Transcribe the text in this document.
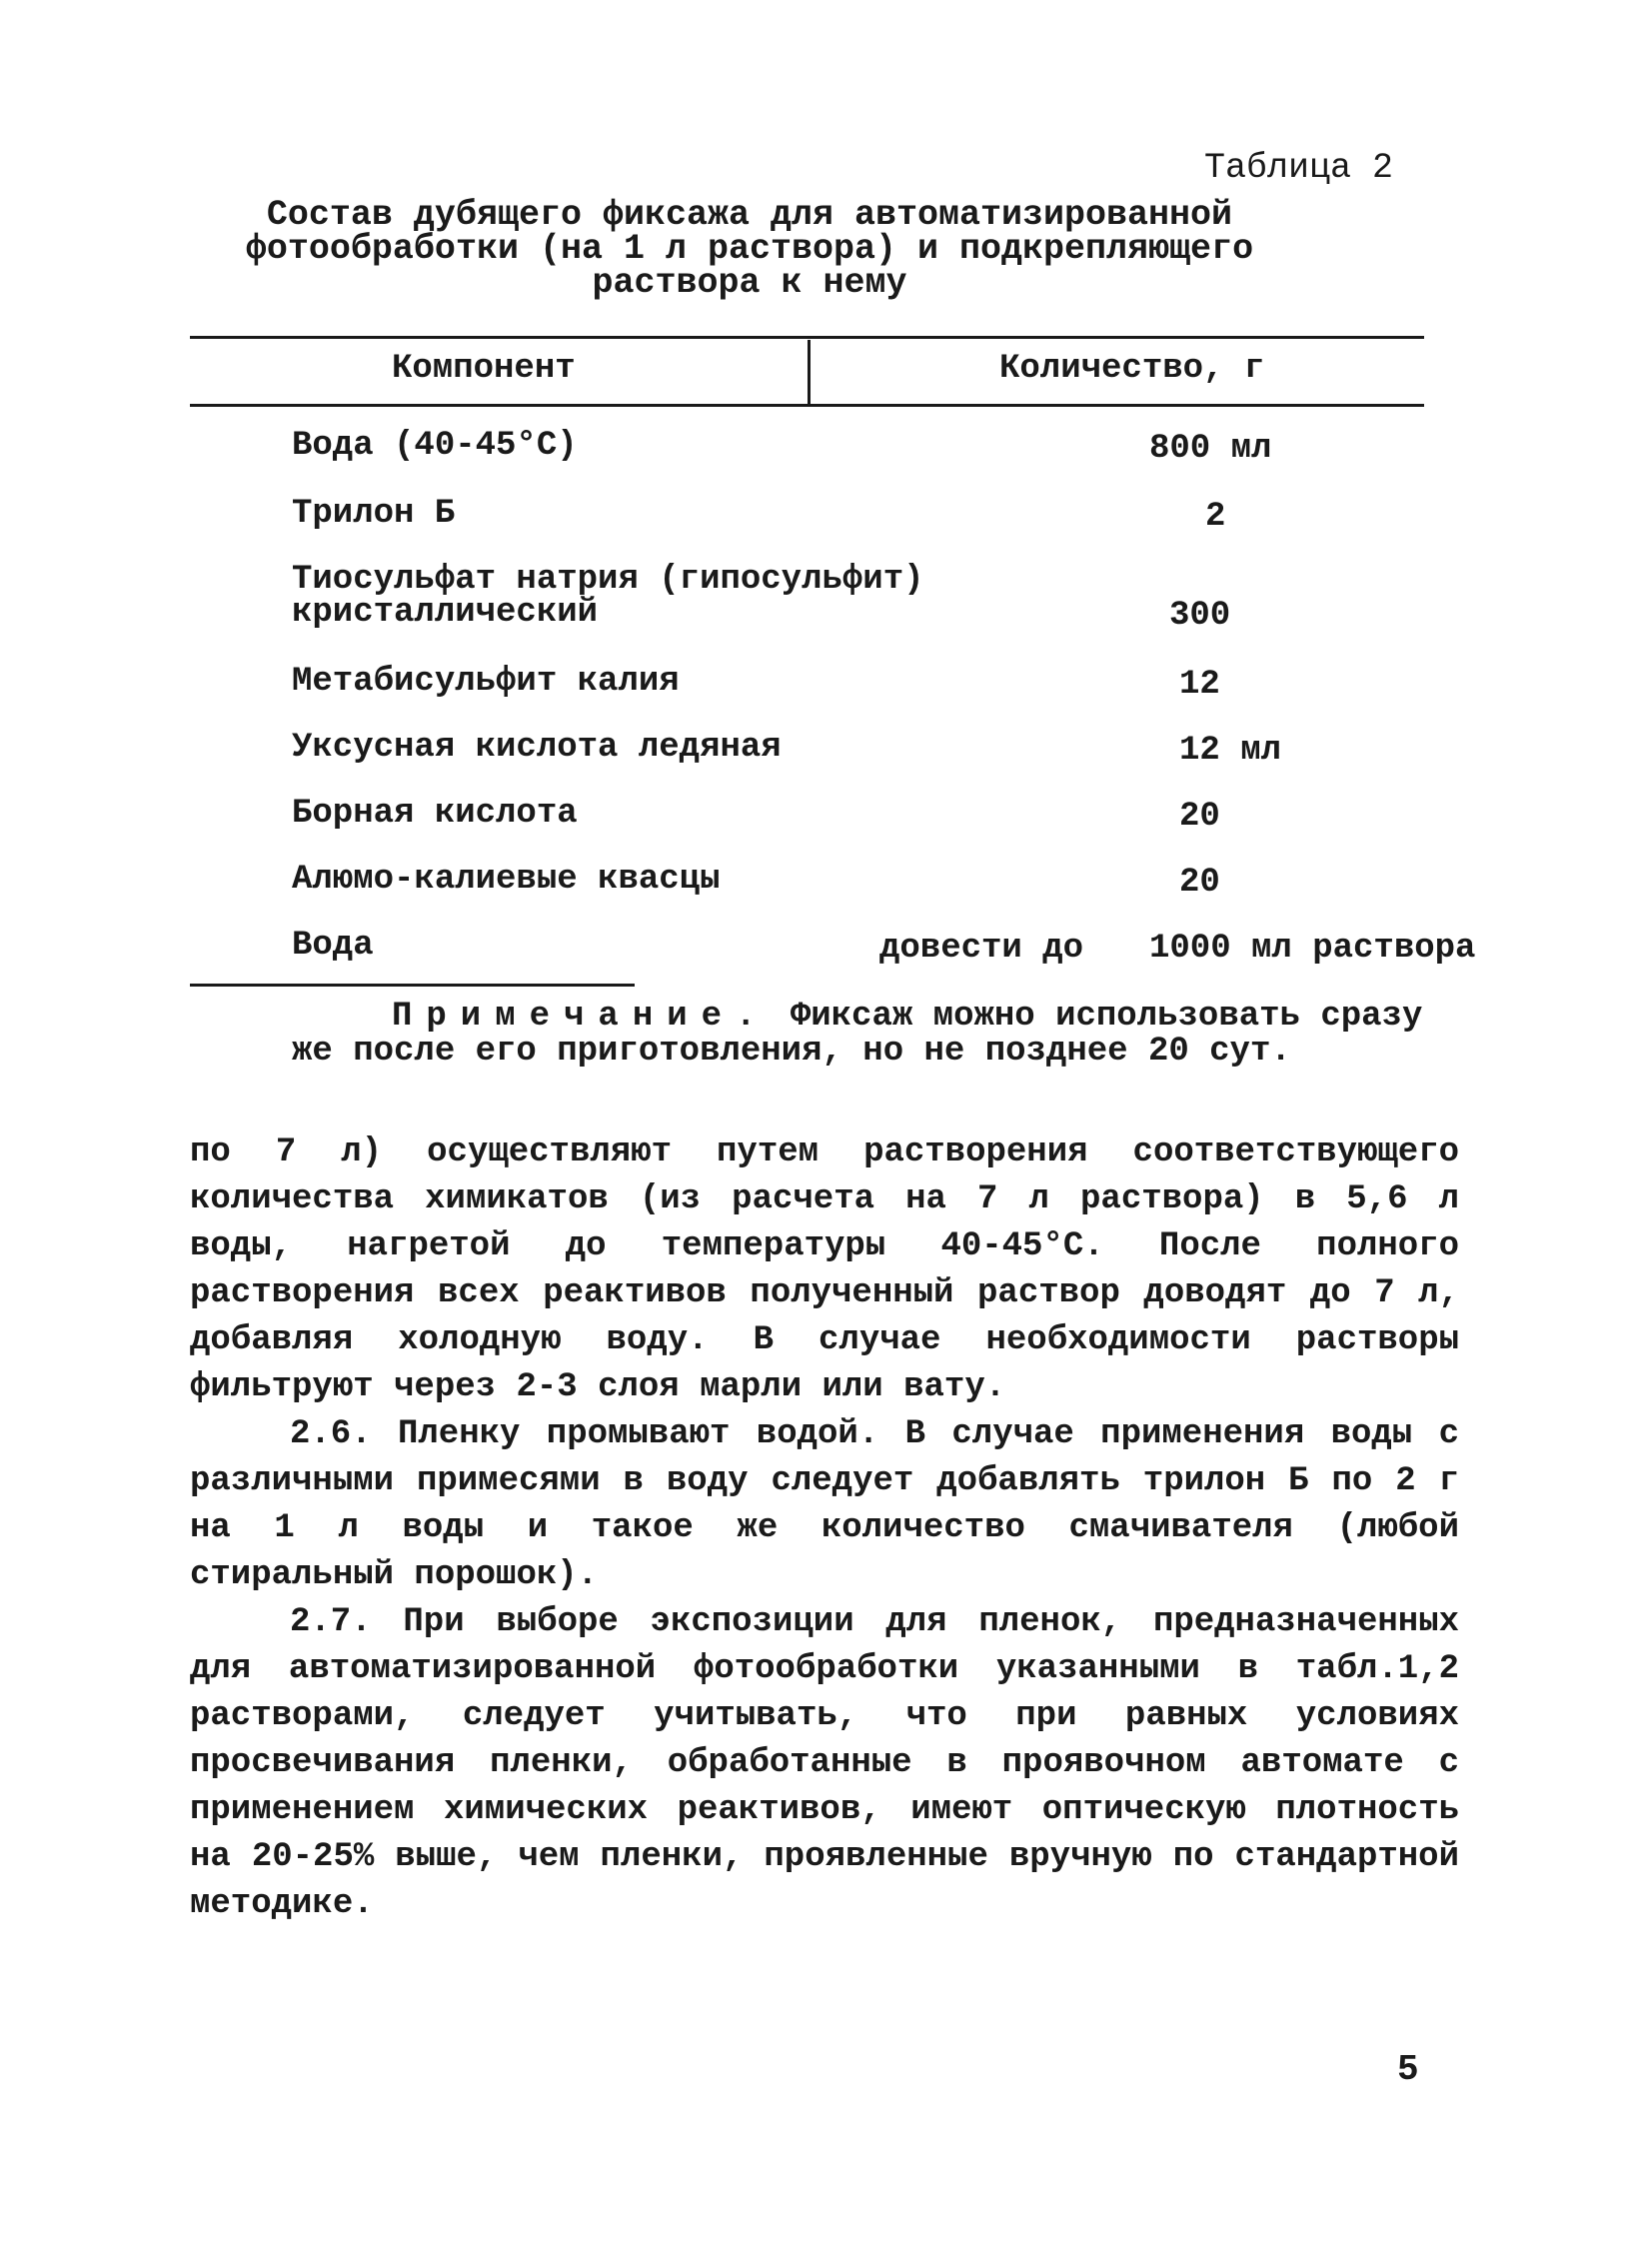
Таблица 2
Состав дубящего фиксажа для автоматизированной
фотообработки (на 1 л раствора) и подкрепляющего
раствора к нему
Компонент	Количество, г
Вода (40-45°С)	800 мл
Трилон Б	2
Тиосульфат натрия (гипосульфит)
кристаллический	300
Метабисульфит калия	12
Уксусная кислота ледяная	12 мл
Борная кислота	20
Алюмо-калиевые квасцы	20
Вода	довести до 1000 мл раствора
Примечание. Фиксаж можно использовать сразу же после его приготовления, но не позднее 20 сут.

по 7 л) осуществляют путем растворения соответствующего количества химикатов (из расчета на 7 л раствора) в 5,6 л воды, нагретой до температуры 40-45°С. После полного растворения всех реактивов полученный раствор доводят до 7 л, добавляя холодную воду. В случае необходимости растворы фильтруют через 2-3 слоя марли или вату.

2.6. Пленку промывают водой. В случае применения воды с различными примесями в воду следует добавлять трилон Б по 2 г на 1 л воды и такое же количество смачивателя (любой стиральный порошок).

2.7. При выборе экспозиции для пленок, предназначенных для автоматизированной фотообработки указанными в табл.1,2 растворами, следует учитывать, что при равных условиях просвечивания пленки, обработанные в проявочном автомате с применением химических реактивов, имеют оптическую плотность на 20-25% выше, чем пленки, проявленные вручную по стандартной методике.

5
